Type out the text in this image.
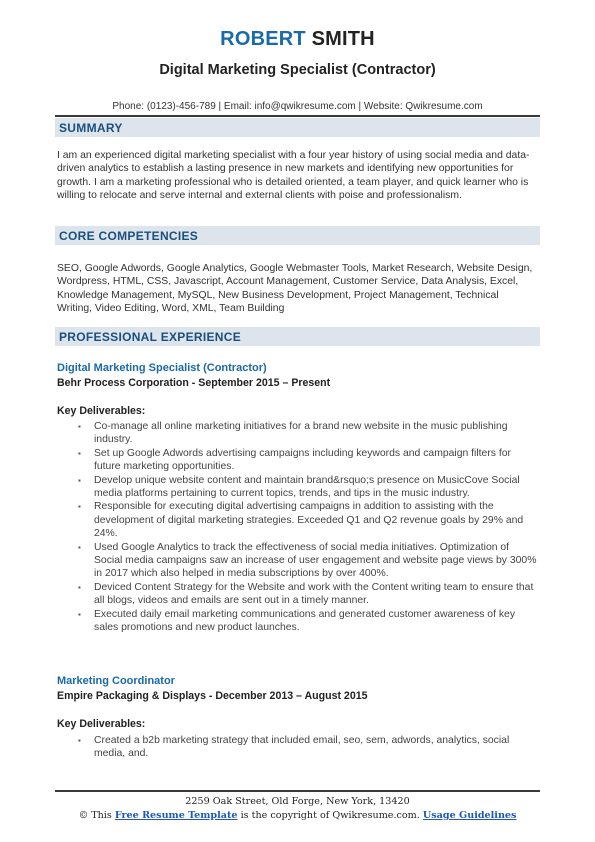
ROBERT SMITH
Digital Marketing Specialist (Contractor)
Phone: (0123)-456-789 | Email: info@qwikresume.com | Website: Qwikresume.com
SUMMARY

I am an experienced digital marketing specialist with a four year history of using social media and data-driven analytics to establish a lasting presence in new markets and identifying new opportunities for growth. I am a marketing professional who is detailed oriented, a team player, and quick learner who is willing to relocate and serve internal and external clients with poise and professionalism.

CORE COMPETENCIES

SEO, Google Adwords, Google Analytics, Google Webmaster Tools, Market Research, Website Design, Wordpress, HTML, CSS, Javascript, Account Management, Customer Service, Data Analysis, Excel, Knowledge Management, MySQL, New Business Development, Project Management, Technical Writing, Video Editing, Word, XML, Team Building

PROFESSIONAL EXPERIENCE
Digital Marketing Specialist (Contractor)
Behr Process Corporation - September 2015 – Present
Key Deliverables:
▪ Co-manage all online marketing initiatives for a brand new website in the music publishing industry.
▪ Set up Google Adwords advertising campaigns including keywords and campaign filters for future marketing opportunities.
▪ Develop unique website content and maintain brand&rsquo;s presence on MusicCove Social media platforms pertaining to current topics, trends, and tips in the music industry.
▪ Responsible for executing digital advertising campaigns in addition to assisting with the development of digital marketing strategies. Exceeded Q1 and Q2 revenue goals by 29% and 24%.
▪ Used Google Analytics to track the effectiveness of social media initiatives. Optimization of Social media campaigns saw an increase of user engagement and website page views by 300% in 2017 which also helped in media subscriptions by over 400%.
▪ Deviced Content Strategy for the Website and work with the Content writing team to ensure that all blogs, videos and emails are sent out in a timely manner.
▪ Executed daily email marketing communications and generated customer awareness of key sales promotions and new product launches.
Marketing Coordinator
Empire Packaging & Displays - December 2013 – August 2015
Key Deliverables:
▪ Created a b2b marketing strategy that included email, seo, sem, adwords, analytics, social media, and.
2259 Oak Street, Old Forge, New York, 13420
© This Free Resume Template is the copyright of Qwikresume.com. Usage Guidelines
